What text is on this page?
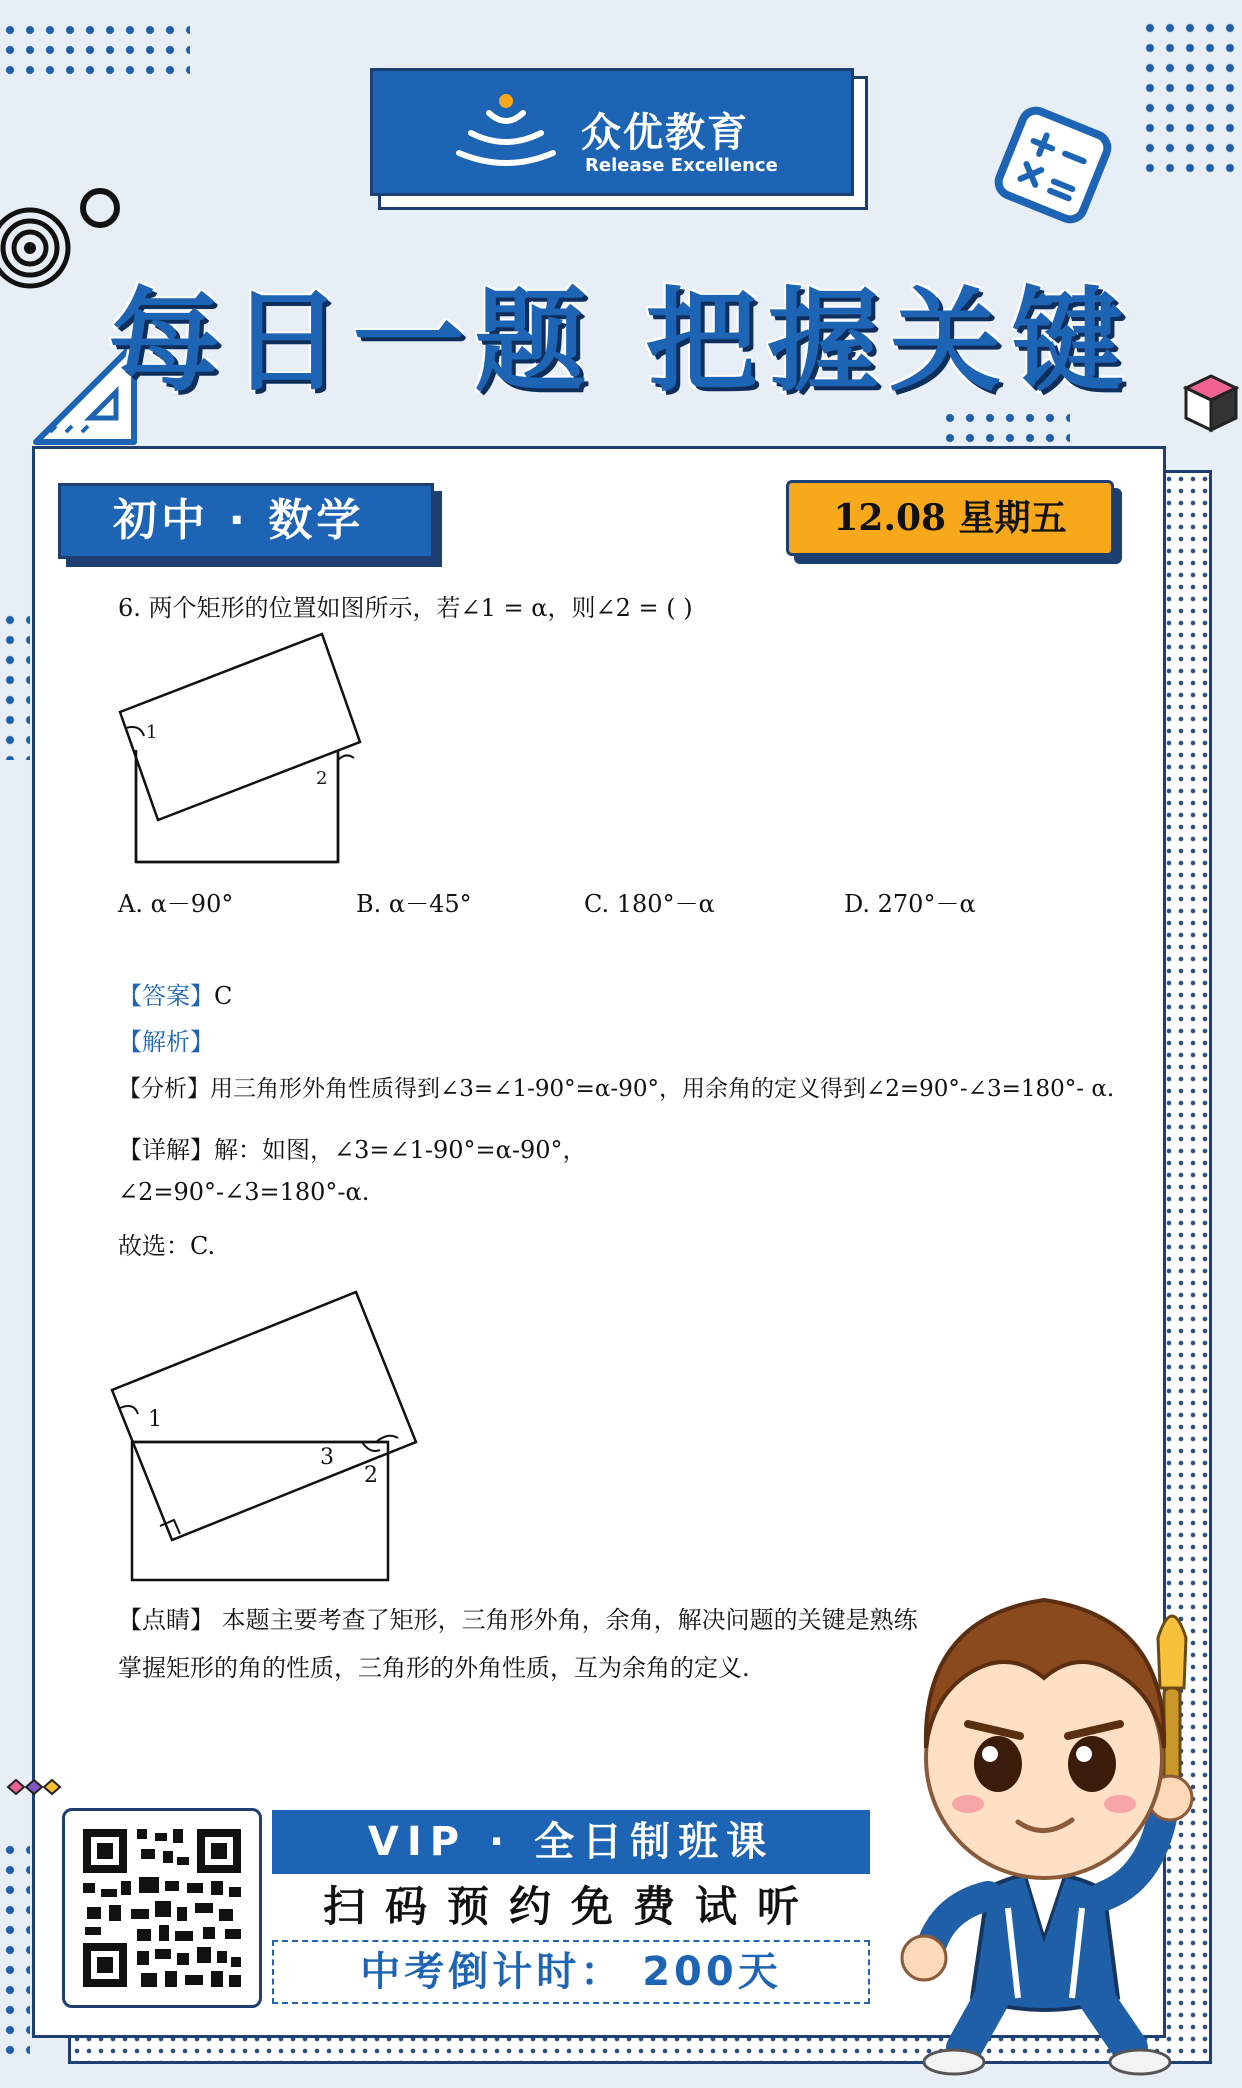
众优教育
Release Excellence
每日一题 把握关键
初中 · 数学	12.08 星期五
6. 两个矩形的位置如图所示，若∠1 = α，则∠2 = ( )
1
2
A. α－90°	B. α－45°	C. 180°－α	D. 270°－α
【答案】C
【解析】
【分析】用三角形外角性质得到∠3=∠1-90°=α-90°，用余角的定义得到∠2=90°-∠3=180°- α.
【详解】解：如图，∠3=∠1-90°=α-90°，
∠2=90°-∠3=180°-α.
故选：C.
1
3
2
【点睛】 本题主要考查了矩形，三角形外角，余角，解决问题的关键是熟练
掌握矩形的角的性质，三角形的外角性质，互为余角的定义.
VIP · 全日制班课
扫码预约免费试听
中考倒计时： 200天
